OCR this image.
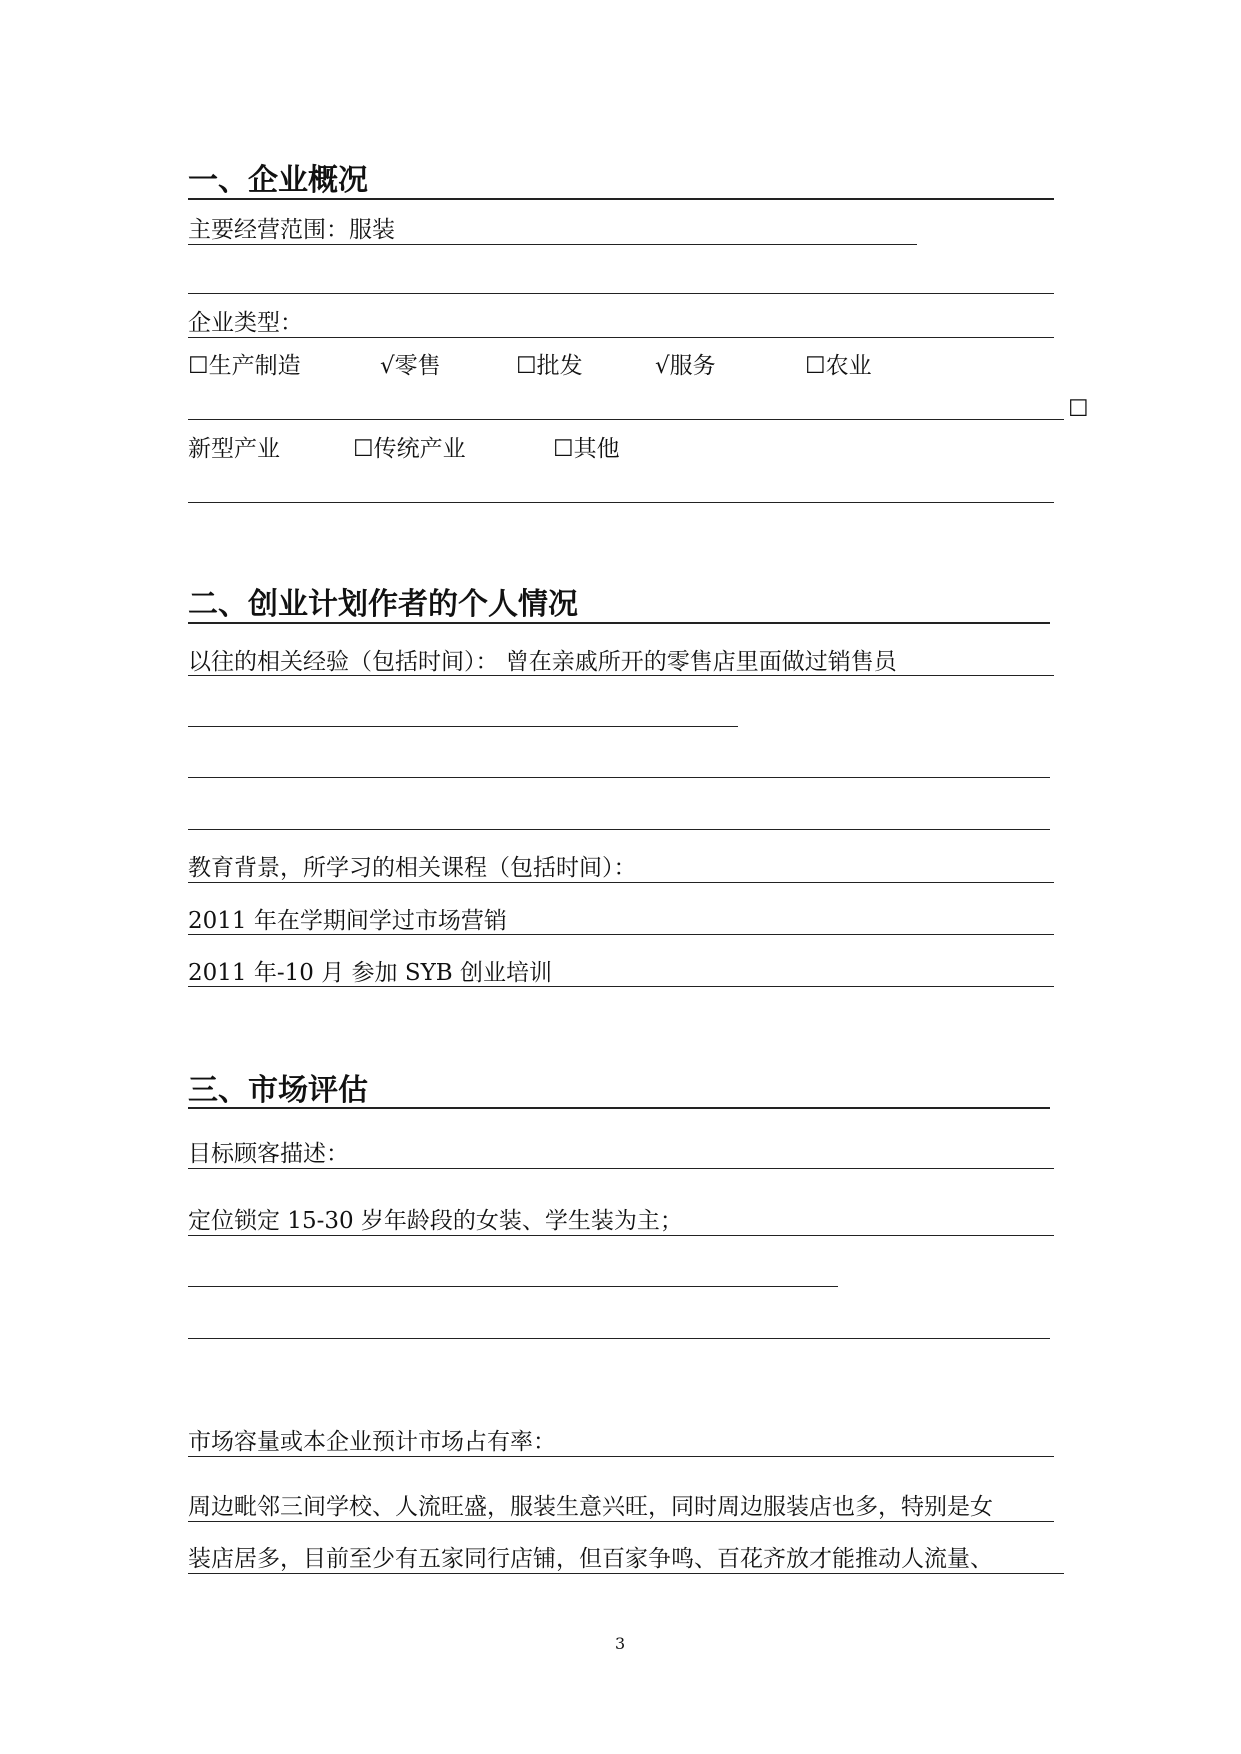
一、企业概况
主要经营范围：服装
企业类型：
☐生产制造	√零售	☐批发	√服务	☐农业
☐
新型产业	☐传统产业	☐其他
二、创业计划作者的个人情况
以往的相关经验（包括时间）： 曾在亲戚所开的零售店里面做过销售员
教育背景，所学习的相关课程（包括时间）：
2011 年在学期间学过市场营销
2011 年-10 月 参加 SYB 创业培训
三、市场评估
目标顾客描述：
定位锁定 15-30 岁年龄段的女装、学生装为主；
市场容量或本企业预计市场占有率：
周边毗邻三间学校、人流旺盛，服装生意兴旺，同时周边服装店也多，特别是女
装店居多，目前至少有五家同行店铺，但百家争鸣、百花齐放才能推动人流量、
3
